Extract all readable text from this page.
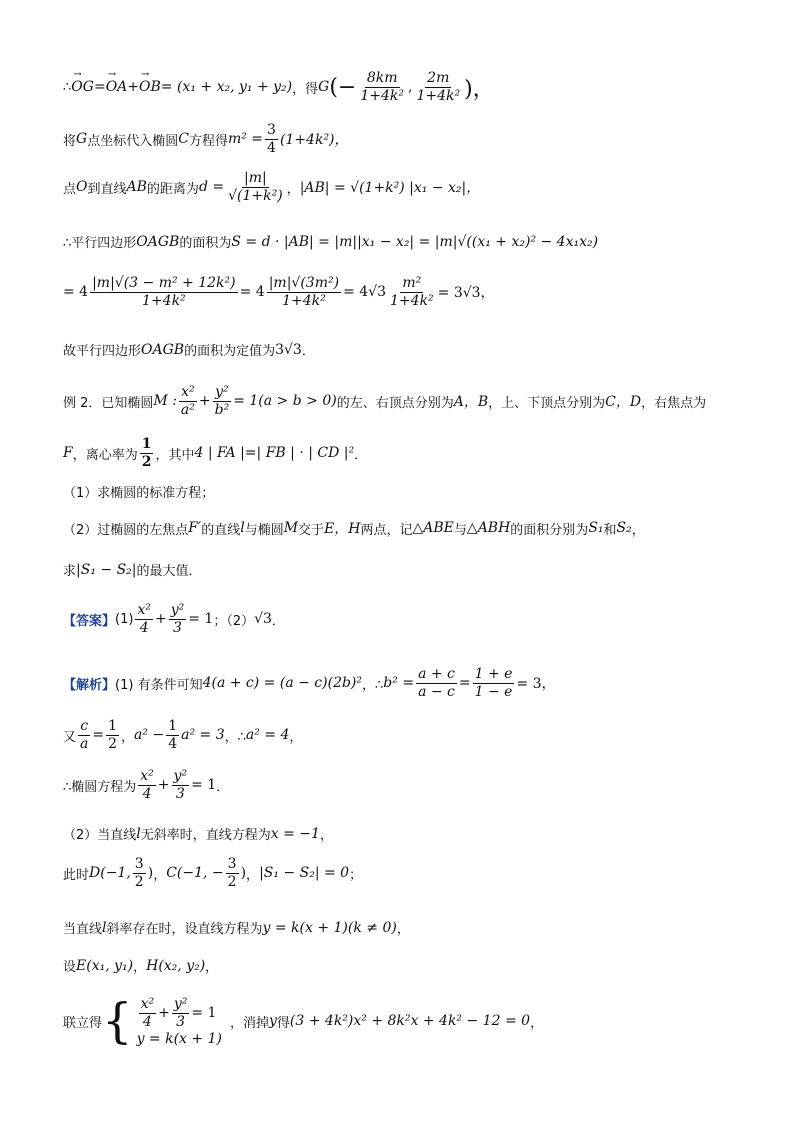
∴ → OG = → OA + → OB = (x₁ + x₂, y₁ + y₂) ，得 G (− $\frac{8km}{\text{1+4k²}}$ , $\frac{2m}{\text{1+4k²}}$ )，
将 G 点坐标代入椭圆 C 方程得 $m^2 = \frac{3}{4} (1+4k^2)$，
点 O 到直线 AB 的距离为 $d = \frac{|m|}{\text{√(1+k²)}}$ ， |AB| = √(1+k²) |x₁ − x₂|，
∴平行四边形 OAGB 的面积为 S = d · |AB| = |m||x₁ − x₂| = |m|√((x₁ + x₂)² − 4x₁x₂)
= $4 \frac{\text{|m|√(3 − m² + 12k²)}}{\text{1+4k²}} = 4 \frac{\text{|m|√(3m²)}}{\text{1+4k²}} = 4√3 \frac{\text{m²}}{\text{1+4k²}} = 3√3$，
故平行四边形 OAGB 的面积为定值为 3√3 ．
例 2．已知椭圆 M : $\frac{\text{x²}}{\text{a²}} + \frac{\text{y²}}{\text{b²}} = 1(a > b > 0)$ 的左、右顶点分别为 A，B ，上、下顶点分别为 C，D ，右焦点为
F ，离心率为 $\frac{1}{2}$ ，其中 4 | FA |=| FB | · | CD |² ．
（1）求椭圆的标准方程；
（2）过椭圆的左焦点 F′ 的直线 l 与椭圆 M 交于 E，H 两点，记 △ABE 与 △ABH 的面积分别为 S₁ 和 S₂ ，
求 |S₁ − S₂| 的最大值．
【答案】 $(1) \frac{\text{x²}}{4} + \frac{\text{y²}}{3} = 1$ ；（2） √3 ．
【解析】 (1) 有条件可知 4(a + c) = (a − c)(2b)² ，∴ $b^2 = \frac{a + c}{a - c} = \frac{1 + e}{1 - e} = 3$，
又 $\frac{c}{a} = \frac{1}{2}$ ， $a^2 - \frac{1}{4} a^2 = 3$ ，∴ a² = 4 ，
∴椭圆方程为 $\frac{\text{x²}}{4} + \frac{\text{y²}}{3} = 1$ ．
（2）当直线 l 无斜率时，直线方程为 x = −1 ，
此时 D(−1, $\frac{3}{2}$ ) ， C(−1, − $\frac{3}{2}$ ) ， |S₁ − S₂| = 0 ；
当直线 l 斜率存在时，设直线方程为 y = k(x + 1)(k ≠ 0) ，
设 E(x₁, y₁) ， H(x₂, y₂) ，
联立得 { $\frac{\text{x²}}{4} + \frac{\text{y²}}{3} = 1$
y = k(x + 1)
，消掉 y 得 (3 + 4k²)x² + 8k²x + 4k² − 12 = 0 ，
